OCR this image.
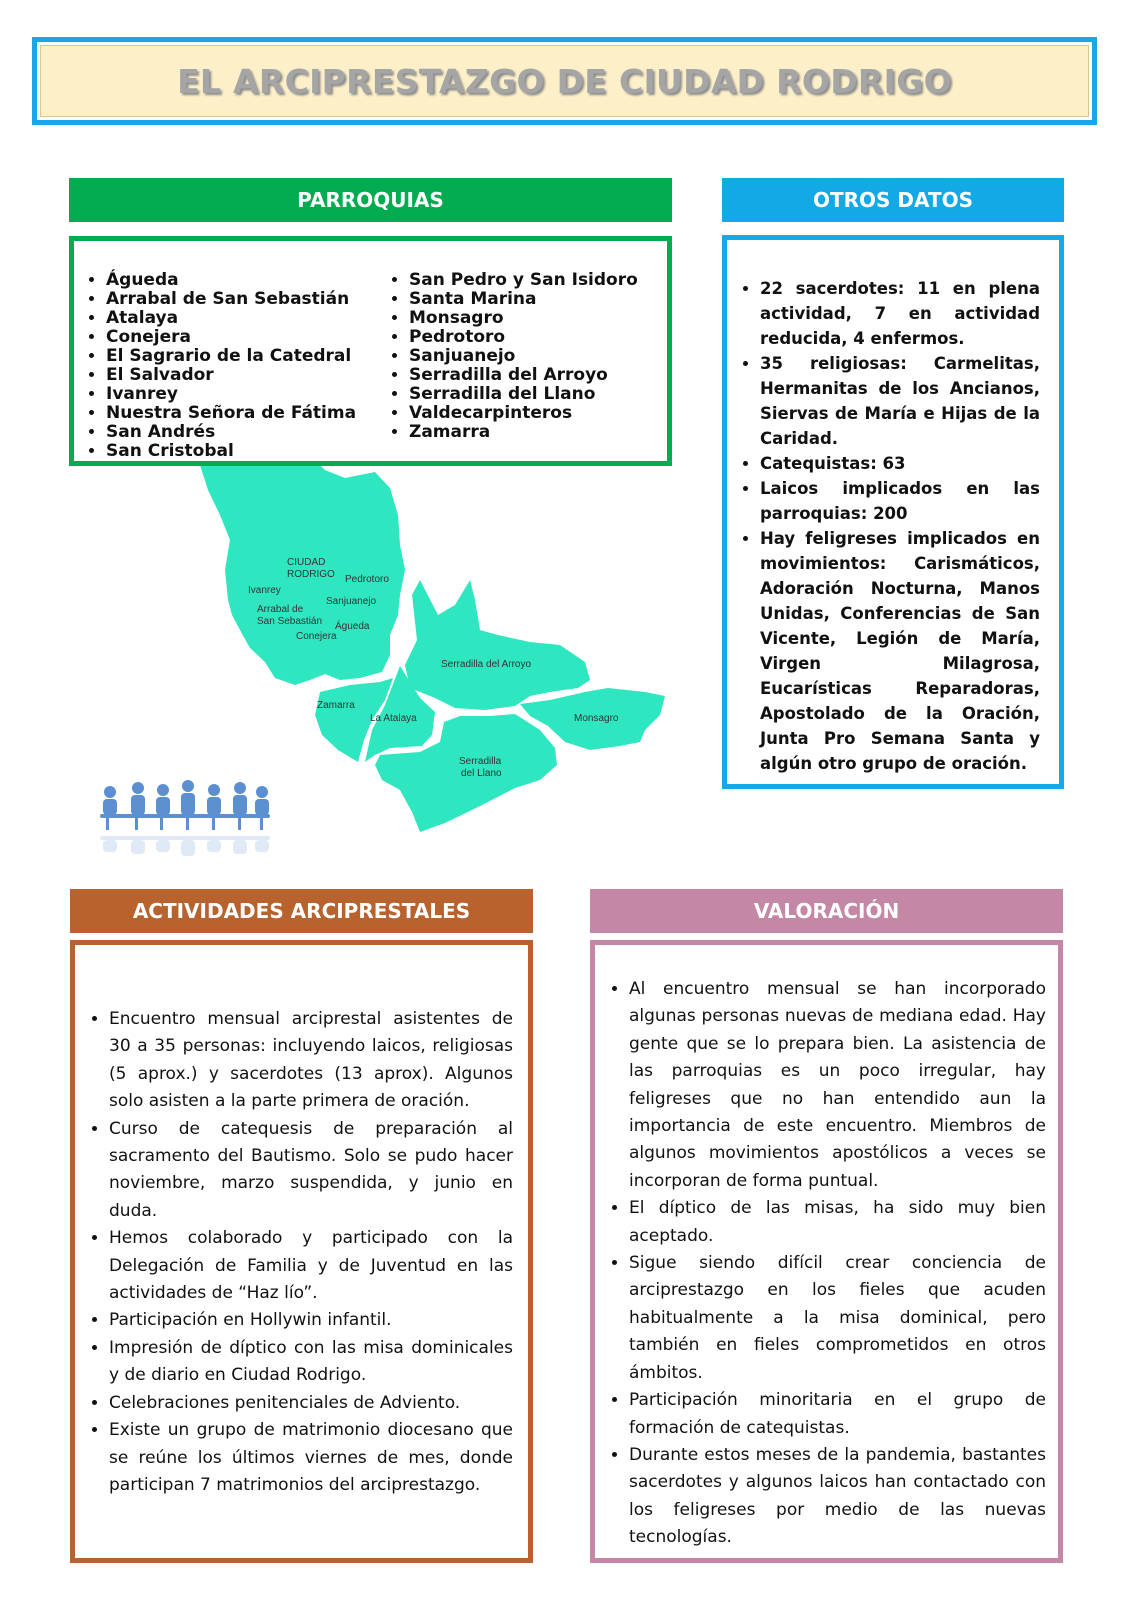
EL ARCIPRESTAZGO DE CIUDAD RODRIGO
PARROQUIAS
CIUDAD
RODRIGO Pedrotoro
Ivanrey
Sanjuanejo
Arrabal de
San Sebastián Águeda
Conejera
Serradilla del Arroyo
Zamarra
La Atalaya	Monsagro
Serradilla
del Llano
• Águeda
• Arrabal de San Sebastián
• Atalaya
• Conejera
• El Sagrario de la Catedral
• El Salvador
• Ivanrey
• Nuestra Señora de Fátima
• San Andrés
• San Cristobal
• San Pedro y San Isidoro
• Santa Marina
• Monsagro
• Pedrotoro
• Sanjuanejo
• Serradilla del Arroyo
• Serradilla del Llano
• Valdecarpinteros
• Zamarra
OTROS DATOS
• 22 sacerdotes: 11 en plena actividad, 7 en actividad reducida, 4 enfermos.
• 35 religiosas: Carmelitas, Hermanitas de los Ancianos, Siervas de María e Hijas de la Caridad.
• Catequistas: 63
• Laicos implicados en las parroquias: 200
• Hay feligreses implicados en movimientos: Carismáticos, Adoración Nocturna, Manos Unidas, Conferencias de San Vicente, Legión de María, Virgen Milagrosa, Eucarísticas Reparadoras, Apostolado de la Oración, Junta Pro Semana Santa y algún otro grupo de oración.
ACTIVIDADES ARCIPRESTALES
• Encuentro mensual arciprestal asistentes de 30 a 35 personas: incluyendo laicos, religiosas (5 aprox.) y sacerdotes (13 aprox). Algunos solo asisten a la parte primera de oración.
• Curso de catequesis de preparación al sacramento del Bautismo. Solo se pudo hacer noviembre, marzo suspendida, y junio en duda.
• Hemos colaborado y participado con la Delegación de Familia y de Juventud en las actividades de “Haz lío”.
• Participación en Hollywin infantil.
• Impresión de díptico con las misa dominicales y de diario en Ciudad Rodrigo.
• Celebraciones penitenciales de Adviento.
• Existe un grupo de matrimonio diocesano que se reúne los últimos viernes de mes, donde participan 7 matrimonios del arciprestazgo.
VALORACIÓN
• Al encuentro mensual se han incorporado algunas personas nuevas de mediana edad. Hay gente que se lo prepara bien. La asistencia de las parroquias es un poco irregular, hay feligreses que no han entendido aun la importancia de este encuentro. Miembros de algunos movimientos apostólicos a veces se incorporan de forma puntual.
• El díptico de las misas, ha sido muy bien aceptado.
• Sigue siendo difícil crear conciencia de arciprestazgo en los fieles que acuden habitualmente a la misa dominical, pero también en fieles comprometidos en otros ámbitos.
• Participación minoritaria en el grupo de formación de catequistas.
• Durante estos meses de la pandemia, bastantes sacerdotes y algunos laicos han contactado con los feligreses por medio de las nuevas tecnologías.
